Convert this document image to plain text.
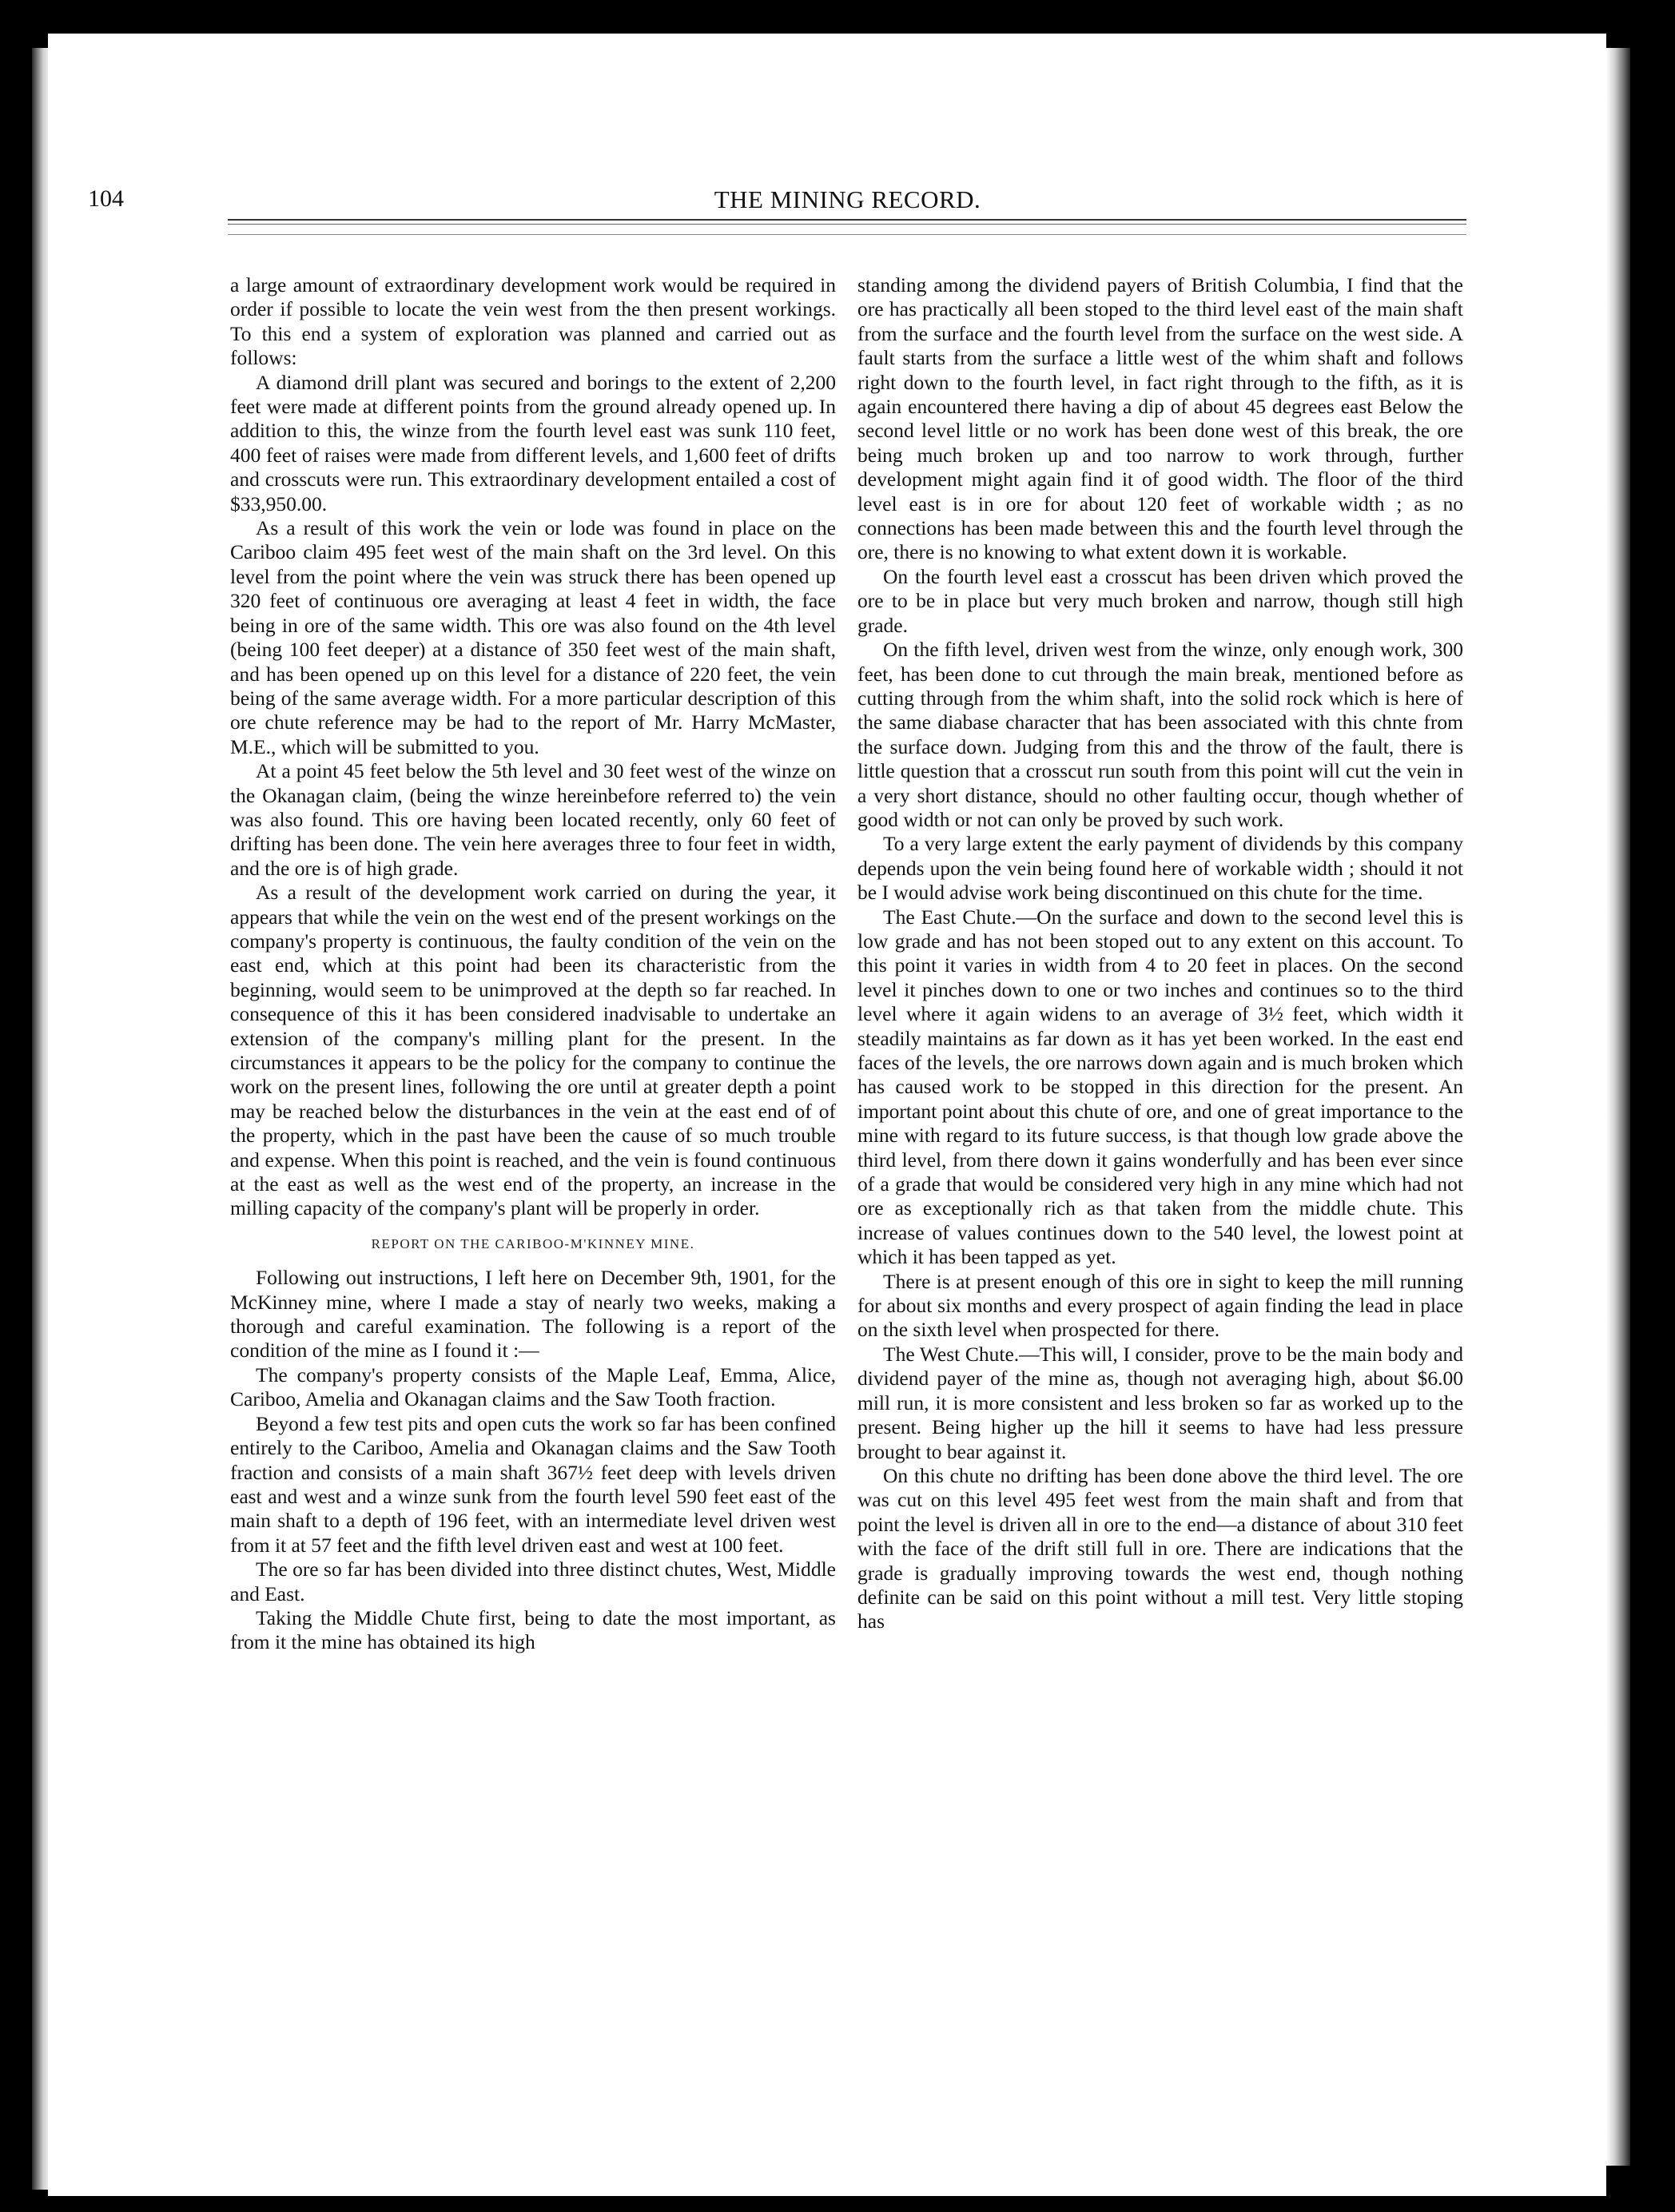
104	THE MINING RECORD.

a large amount of extraordinary development work would be required in order if possible to locate the vein west from the then present workings. To this end a system of exploration was planned and carried out as follows:

A diamond drill plant was secured and borings to the extent of 2,200 feet were made at different points from the ground already opened up. In addition to this, the winze from the fourth level east was sunk 110 feet, 400 feet of raises were made from different levels, and 1,600 feet of drifts and crosscuts were run. This extraordinary development entailed a cost of $33,950.00.

As a result of this work the vein or lode was found in place on the Cariboo claim 495 feet west of the main shaft on the 3rd level. On this level from the point where the vein was struck there has been opened up 320 feet of continuous ore averaging at least 4 feet in width, the face being in ore of the same width. This ore was also found on the 4th level (being 100 feet deeper) at a distance of 350 feet west of the main shaft, and has been opened up on this level for a distance of 220 feet, the vein being of the same average width. For a more particular description of this ore chute reference may be had to the report of Mr. Harry McMaster, M.E., which will be submitted to you.

At a point 45 feet below the 5th level and 30 feet west of the winze on the Okanagan claim, (being the winze hereinbefore referred to) the vein was also found. This ore having been located recently, only 60 feet of drifting has been done. The vein here averages three to four feet in width, and the ore is of high grade.

As a result of the development work carried on during the year, it appears that while the vein on the west end of the present workings on the company's property is continuous, the faulty condition of the vein on the east end, which at this point had been its characteristic from the beginning, would seem to be unimproved at the depth so far reached. In consequence of this it has been considered inadvisable to undertake an extension of the company's milling plant for the present. In the circumstances it appears to be the policy for the company to continue the work on the present lines, following the ore until at greater depth a point may be reached below the disturbances in the vein at the east end of of the property, which in the past have been the cause of so much trouble and expense. When this point is reached, and the vein is found continuous at the east as well as the west end of the property, an increase in the milling capacity of the company's plant will be properly in order.

REPORT ON THE CARIBOO-M'KINNEY MINE.

Following out instructions, I left here on December 9th, 1901, for the McKinney mine, where I made a stay of nearly two weeks, making a thorough and careful examination. The following is a report of the condition of the mine as I found it :—

The company's property consists of the Maple Leaf, Emma, Alice, Cariboo, Amelia and Okanagan claims and the Saw Tooth fraction.

Beyond a few test pits and open cuts the work so far has been confined entirely to the Cariboo, Amelia and Okanagan claims and the Saw Tooth fraction and consists of a main shaft 367½ feet deep with levels driven east and west and a winze sunk from the fourth level 590 feet east of the main shaft to a depth of 196 feet, with an intermediate level driven west from it at 57 feet and the fifth level driven east and west at 100 feet.

The ore so far has been divided into three distinct chutes, West, Middle and East.

Taking the Middle Chute first, being to date the most important, as from it the mine has obtained its high

standing among the dividend payers of British Columbia, I find that the ore has practically all been stoped to the third level east of the main shaft from the surface and the fourth level from the surface on the west side. A fault starts from the surface a little west of the whim shaft and follows right down to the fourth level, in fact right through to the fifth, as it is again encountered there having a dip of about 45 degrees east Below the second level little or no work has been done west of this break, the ore being much broken up and too narrow to work through, further development might again find it of good width. The floor of the third level east is in ore for about 120 feet of workable width ; as no connections has been made between this and the fourth level through the ore, there is no knowing to what extent down it is workable.

On the fourth level east a crosscut has been driven which proved the ore to be in place but very much broken and narrow, though still high grade.

On the fifth level, driven west from the winze, only enough work, 300 feet, has been done to cut through the main break, mentioned before as cutting through from the whim shaft, into the solid rock which is here of the same diabase character that has been associated with this chnte from the surface down. Judging from this and the throw of the fault, there is little question that a crosscut run south from this point will cut the vein in a very short distance, should no other faulting occur, though whether of good width or not can only be proved by such work.

To a very large extent the early payment of dividends by this company depends upon the vein being found here of workable width ; should it not be I would advise work being discontinued on this chute for the time.

The East Chute.—On the surface and down to the second level this is low grade and has not been stoped out to any extent on this account. To this point it varies in width from 4 to 20 feet in places. On the second level it pinches down to one or two inches and continues so to the third level where it again widens to an average of 3½ feet, which width it steadily maintains as far down as it has yet been worked. In the east end faces of the levels, the ore narrows down again and is much broken which has caused work to be stopped in this direction for the present. An important point about this chute of ore, and one of great importance to the mine with regard to its future success, is that though low grade above the third level, from there down it gains wonderfully and has been ever since of a grade that would be considered very high in any mine which had not ore as exceptionally rich as that taken from the middle chute. This increase of values continues down to the 540 level, the lowest point at which it has been tapped as yet.

There is at present enough of this ore in sight to keep the mill running for about six months and every prospect of again finding the lead in place on the sixth level when prospected for there.

The West Chute.—This will, I consider, prove to be the main body and dividend payer of the mine as, though not averaging high, about $6.00 mill run, it is more consistent and less broken so far as worked up to the present. Being higher up the hill it seems to have had less pressure brought to bear against it.

On this chute no drifting has been done above the third level. The ore was cut on this level 495 feet west from the main shaft and from that point the level is driven all in ore to the end—a distance of about 310 feet with the face of the drift still full in ore. There are indications that the grade is gradually improving towards the west end, though nothing definite can be said on this point without a mill test. Very little stoping has
